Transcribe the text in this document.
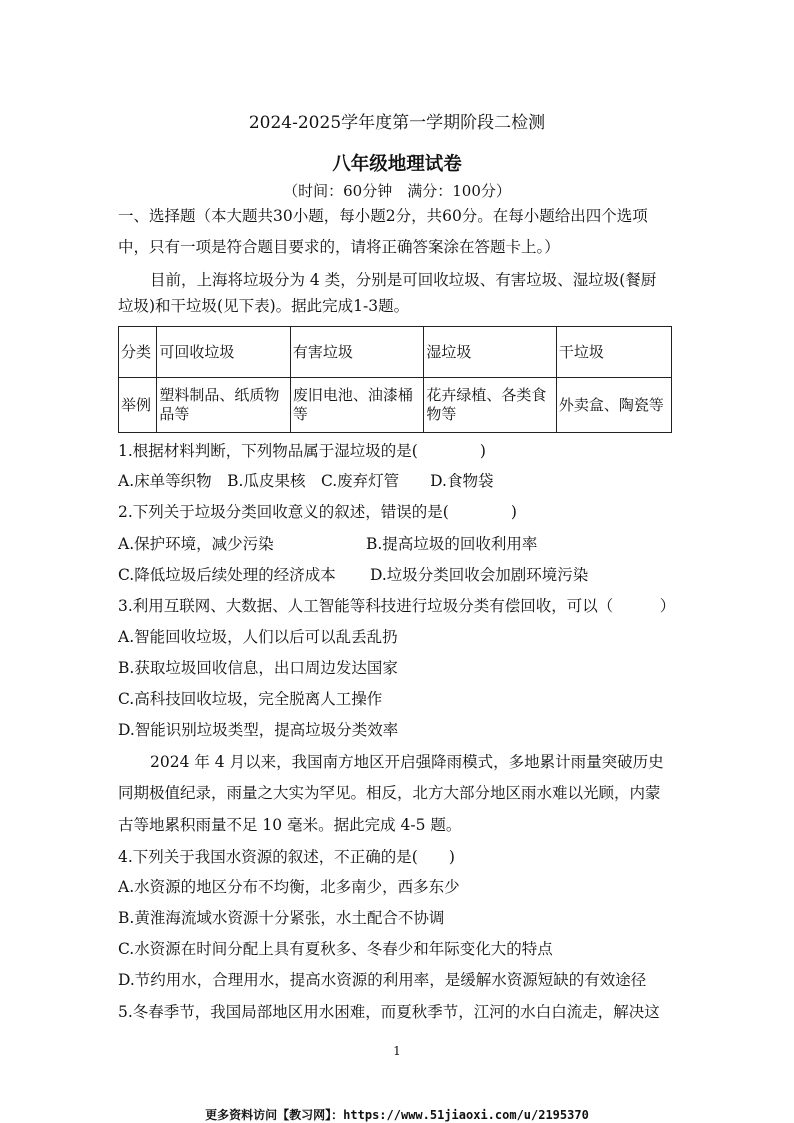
2024-2025学年度第一学期阶段二检测
八年级地理试卷
（时间：60分钟　满分：100分）
一、选择题（本大题共30小题，每小题2分，共60分。在每小题给出四个选项
中，只有一项是符合题目要求的，请将正确答案涂在答题卡上。）
目前，上海将垃圾分为 4 类，分别是可回收垃圾、有害垃圾、湿垃圾(餐厨
垃圾)和干垃圾(见下表)。据此完成1-3题。
分类	可回收垃圾	有害垃圾	湿垃圾	干垃圾
举例	塑料制品、纸质物品等	废旧电池、油漆桶等	花卉绿植、各类食物等	外卖盒、陶瓷等
1.根据材料判断，下列物品属于湿垃圾的是(　　　　)
A.床单等织物　B.瓜皮果核　C.废弃灯管　　D.食物袋
2.下列关于垃圾分类回收意义的叙述，错误的是(　　　　)
A.保护环境，减少污染	B.提高垃圾的回收利用率
C.降低垃圾后续处理的经济成本 D.垃圾分类回收会加剧环境污染
3.利用互联网、大数据、人工智能等科技进行垃圾分类有偿回收，可以（　　　）
A.智能回收垃圾，人们以后可以乱丢乱扔
B.获取垃圾回收信息，出口周边发达国家
C.高科技回收垃圾，完全脱离人工操作
D.智能识别垃圾类型，提高垃圾分类效率
2024 年 4 月以来，我国南方地区开启强降雨模式，多地累计雨量突破历史
同期极值纪录，雨量之大实为罕见。相反，北方大部分地区雨水难以光顾，内蒙
古等地累积雨量不足 10 毫米。据此完成 4-5 题。
4.下列关于我国水资源的叙述，不正确的是(　　)
A.水资源的地区分布不均衡，北多南少，西多东少
B.黄淮海流域水资源十分紧张，水土配合不协调
C.水资源在时间分配上具有夏秋多、冬春少和年际变化大的特点
D.节约用水，合理用水，提高水资源的利用率，是缓解水资源短缺的有效途径
5.冬春季节，我国局部地区用水困难，而夏秋季节，江河的水白白流走，解决这
1
更多资料访问【教习网】：https://www.51jiaoxi.com/u/2195370
